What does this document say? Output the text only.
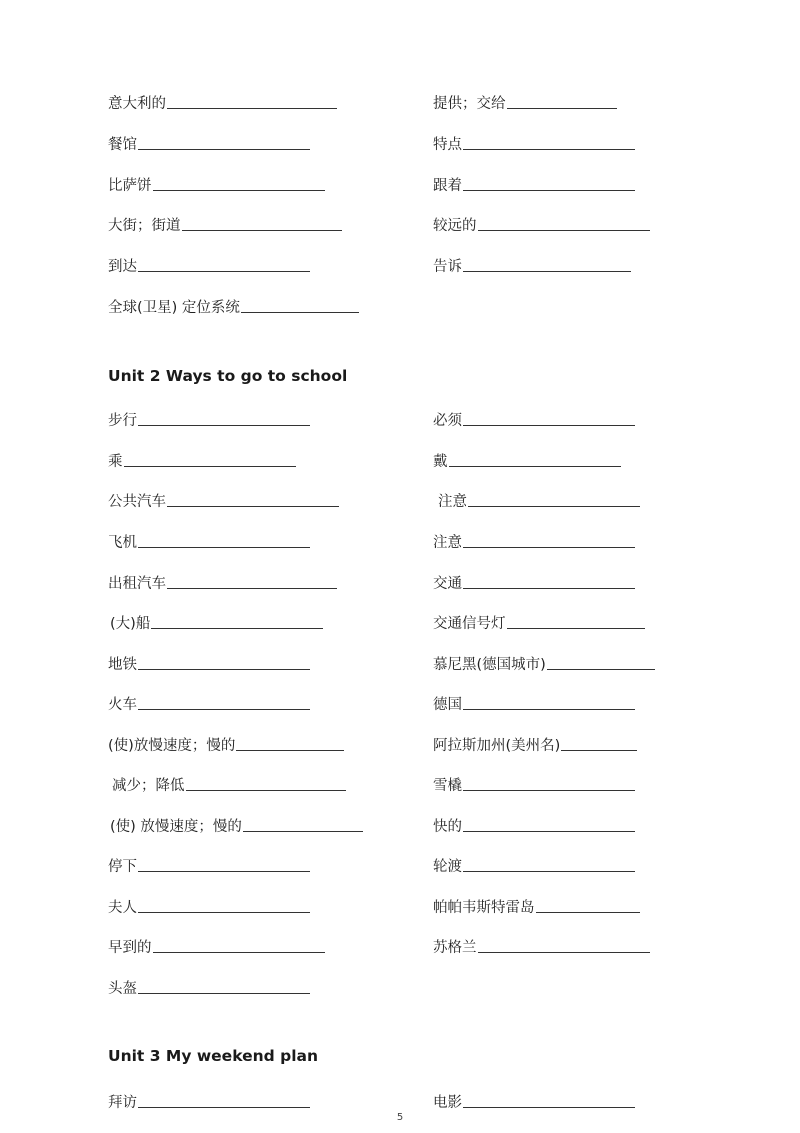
意大利的	提供；交给
餐馆	特点
比萨饼	跟着
大街；街道	较远的
到达	告诉
全球(卫星) 定位系统
Unit 2 Ways to go to school
步行	必须
乘	戴
公共汽车	注意
飞机	注意
出租汽车	交通
(大)船	交通信号灯
地铁	慕尼黑(德国城市)
火车	德国
(使)放慢速度；慢的	阿拉斯加州(美州名)
减少；降低	雪橇
(使) 放慢速度；慢的	快的
停下	轮渡
夫人	帕帕韦斯特雷岛
早到的	苏格兰
头盔
Unit 3 My weekend plan
拜访	电影
5
